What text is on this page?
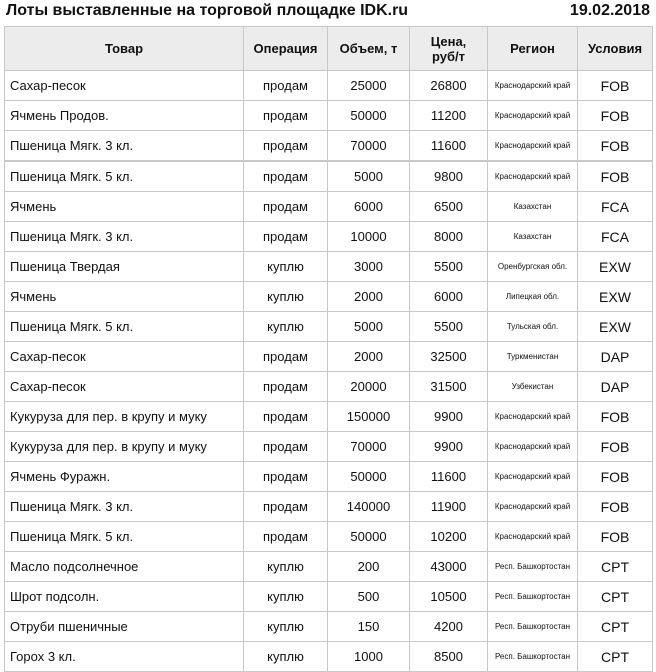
Лоты выставленные на торговой площадке IDK.ru	19.02.2018
Товар	Операция	Объем, т	Цена, руб/т	Регион	Условия
Сахар-песок	продам	25000	26800	Краснодарский край	FOB
Ячмень Продов.	продам	50000	11200	Краснодарский край	FOB
Пшеница Мягк. 3 кл.	продам	70000	11600	Краснодарский край	FOB
Пшеница Мягк. 5 кл.	продам	5000	9800	Краснодарский край	FOB
Ячмень	продам	6000	6500	Казахстан	FCA
Пшеница Мягк. 3 кл.	продам	10000	8000	Казахстан	FCA
Пшеница Твердая	куплю	3000	5500	Оренбургская обл.	EXW
Ячмень	куплю	2000	6000	Липецкая обл.	EXW
Пшеница Мягк. 5 кл.	куплю	5000	5500	Тульская обл.	EXW
Сахар-песок	продам	2000	32500	Туркменистан	DAP
Сахар-песок	продам	20000	31500	Узбекистан	DAP
Кукуруза для пер. в крупу и муку	продам	150000	9900	Краснодарский край	FOB
Кукуруза для пер. в крупу и муку	продам	70000	9900	Краснодарский край	FOB
Ячмень Фуражн.	продам	50000	11600	Краснодарский край	FOB
Пшеница Мягк. 3 кл.	продам	140000	11900	Краснодарский край	FOB
Пшеница Мягк. 5 кл.	продам	50000	10200	Краснодарский край	FOB
Масло подсолнечное	куплю	200	43000	Респ. Башкортостан	CPT
Шрот подсолн.	куплю	500	10500	Респ. Башкортостан	CPT
Отруби пшеничные	куплю	150	4200	Респ. Башкортостан	CPT
Горох 3 кл.	куплю	1000	8500	Респ. Башкортостан	CPT
